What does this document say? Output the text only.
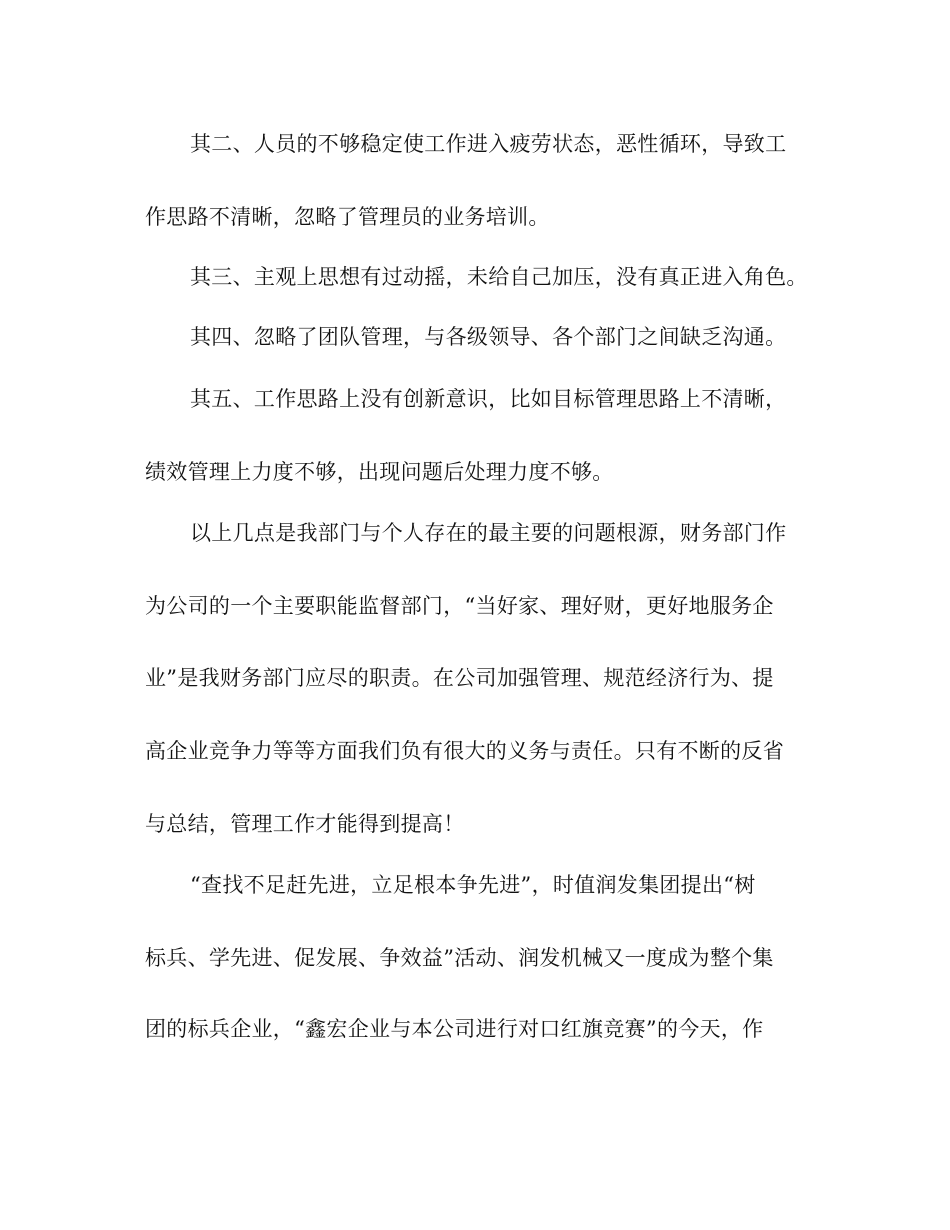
其二、人员的不够稳定使工作进入疲劳状态，恶性循环，导致工
作思路不清晰，忽略了管理员的业务培训。
其三、主观上思想有过动摇，未给自己加压，没有真正进入角色。
其四、忽略了团队管理，与各级领导、各个部门之间缺乏沟通。
其五、工作思路上没有创新意识，比如目标管理思路上不清晰，
绩效管理上力度不够，出现问题后处理力度不够。
以上几点是我部门与个人存在的最主要的问题根源，财务部门作
为公司的一个主要职能监督部门，“当好家、理好财，更好地服务企
业”是我财务部门应尽的职责。在公司加强管理、规范经济行为、提
高企业竞争力等等方面我们负有很大的义务与责任。只有不断的反省
与总结，管理工作才能得到提高！
“查找不足赶先进，立足根本争先进”，时值润发集团提出“树
标兵、学先进、促发展、争效益”活动、润发机械又一度成为整个集
团的标兵企业，“鑫宏企业与本公司进行对口红旗竞赛”的今天，作
